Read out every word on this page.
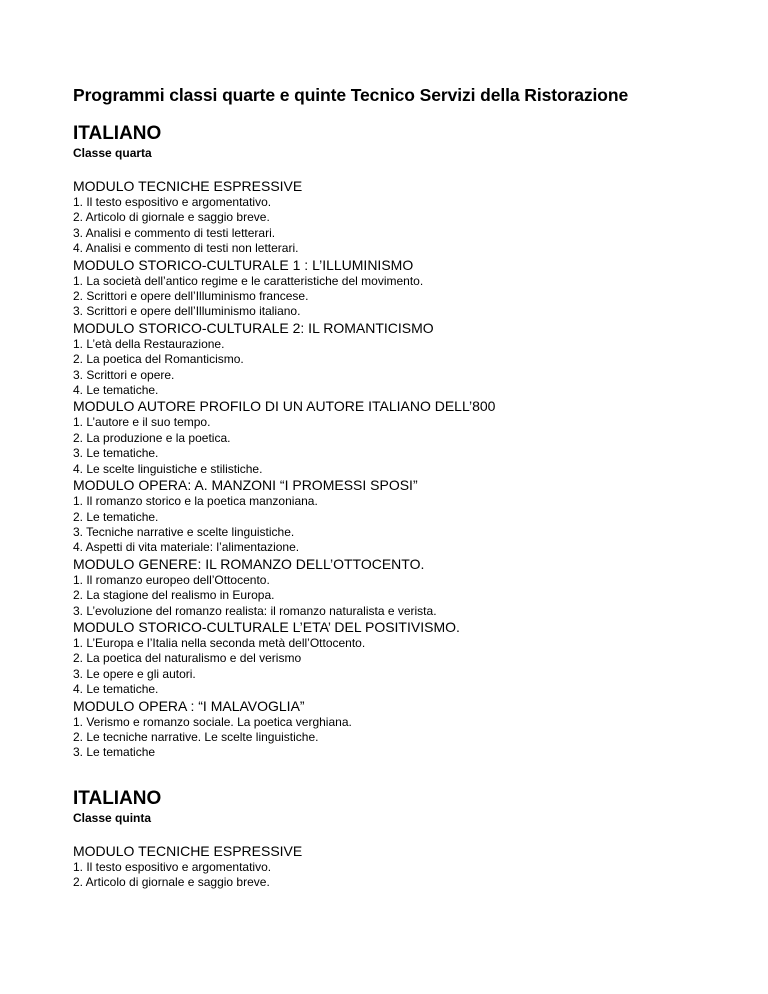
Programmi classi quarte e quinte Tecnico Servizi della Ristorazione
ITALIANO
Classe quarta
MODULO TECNICHE ESPRESSIVE
1. Il testo espositivo e argomentativo.
2. Articolo di giornale e saggio breve.
3. Analisi e commento di testi letterari.
4. Analisi e commento di testi non letterari.
MODULO STORICO-CULTURALE 1 : L’ILLUMINISMO
1. La società dell’antico regime e le caratteristiche del movimento.
2. Scrittori e opere dell’Illuminismo francese.
3. Scrittori e opere dell’Illuminismo italiano.
MODULO STORICO-CULTURALE 2: IL ROMANTICISMO
1. L’età della Restaurazione.
2. La poetica del Romanticismo.
3. Scrittori e opere.
4. Le tematiche.
MODULO AUTORE PROFILO DI UN AUTORE ITALIANO DELL’800
1. L’autore e il suo tempo.
2. La produzione e la poetica.
3. Le tematiche.
4. Le scelte linguistiche e stilistiche.
MODULO OPERA: A. MANZONI “I PROMESSI SPOSI”
1. Il romanzo storico e la poetica manzoniana.
2. Le tematiche.
3. Tecniche narrative e scelte linguistiche.
4. Aspetti di vita materiale: l’alimentazione.
MODULO GENERE: IL ROMANZO DELL’OTTOCENTO.
1. Il romanzo europeo dell’Ottocento.
2. La stagione del realismo in Europa.
3. L’evoluzione del romanzo realista: il romanzo naturalista e verista.
MODULO STORICO-CULTURALE L’ETA’ DEL POSITIVISMO.
1. L’Europa e l’Italia nella seconda metà dell’Ottocento.
2. La poetica del naturalismo e del verismo
3. Le opere e gli autori.
4. Le tematiche.
MODULO OPERA : “I MALAVOGLIA”
1. Verismo e romanzo sociale. La poetica verghiana.
2. Le tecniche narrative. Le scelte linguistiche.
3. Le tematiche
ITALIANO
Classe quinta
MODULO TECNICHE ESPRESSIVE
1. Il testo espositivo e argomentativo.
2. Articolo di giornale e saggio breve.
